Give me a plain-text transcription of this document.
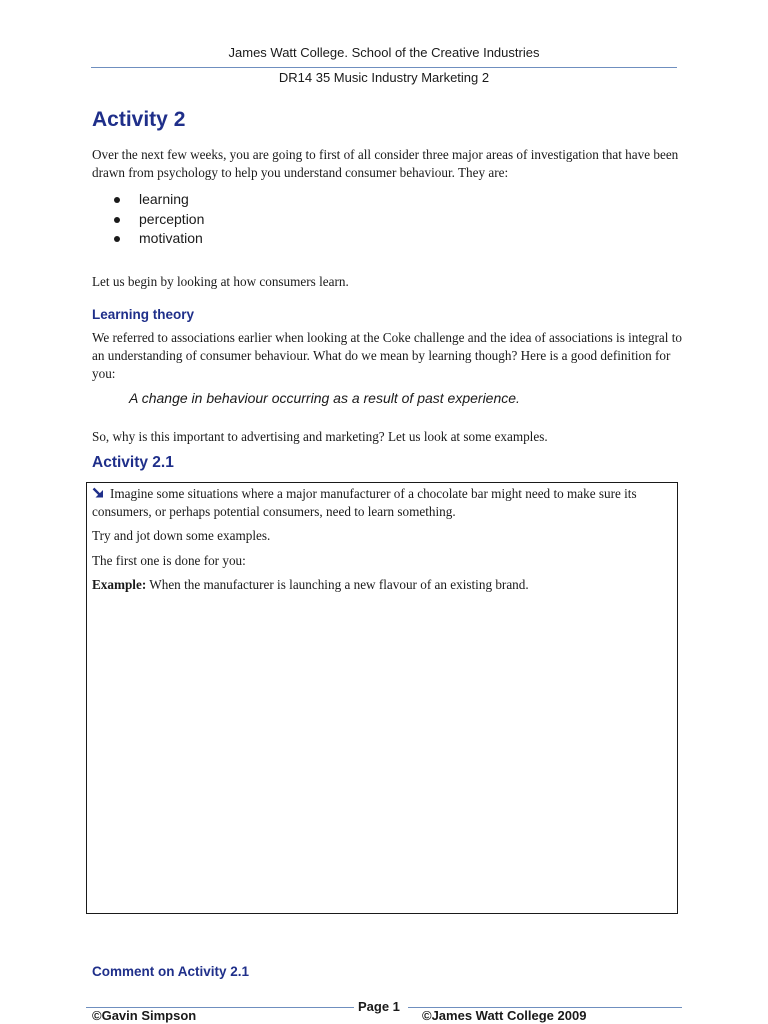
James Watt College. School of the Creative Industries
DR14 35 Music Industry Marketing 2
Activity 2
Over the next few weeks, you are going to first of all consider three major areas of investigation that have been drawn from psychology to help you understand consumer behaviour. They are:
learning
perception
motivation
Let us begin by looking at how consumers learn.
Learning theory
We referred to associations earlier when looking at the Coke challenge and the idea of associations is integral to an understanding of consumer behaviour. What do we mean by learning though? Here is a good definition for you:
A change in behaviour occurring as a result of past experience.
So, why is this important to advertising and marketing? Let us look at some examples.
Activity 2.1
Imagine some situations where a major manufacturer of a chocolate bar might need to make sure its consumers, or perhaps potential consumers, need to learn something.
Try and jot down some examples.
The first one is done for you:
Example: When the manufacturer is launching a new flavour of an existing brand.
Comment on Activity 2.1
Page 1
©Gavin Simpson	©James Watt College 2009
